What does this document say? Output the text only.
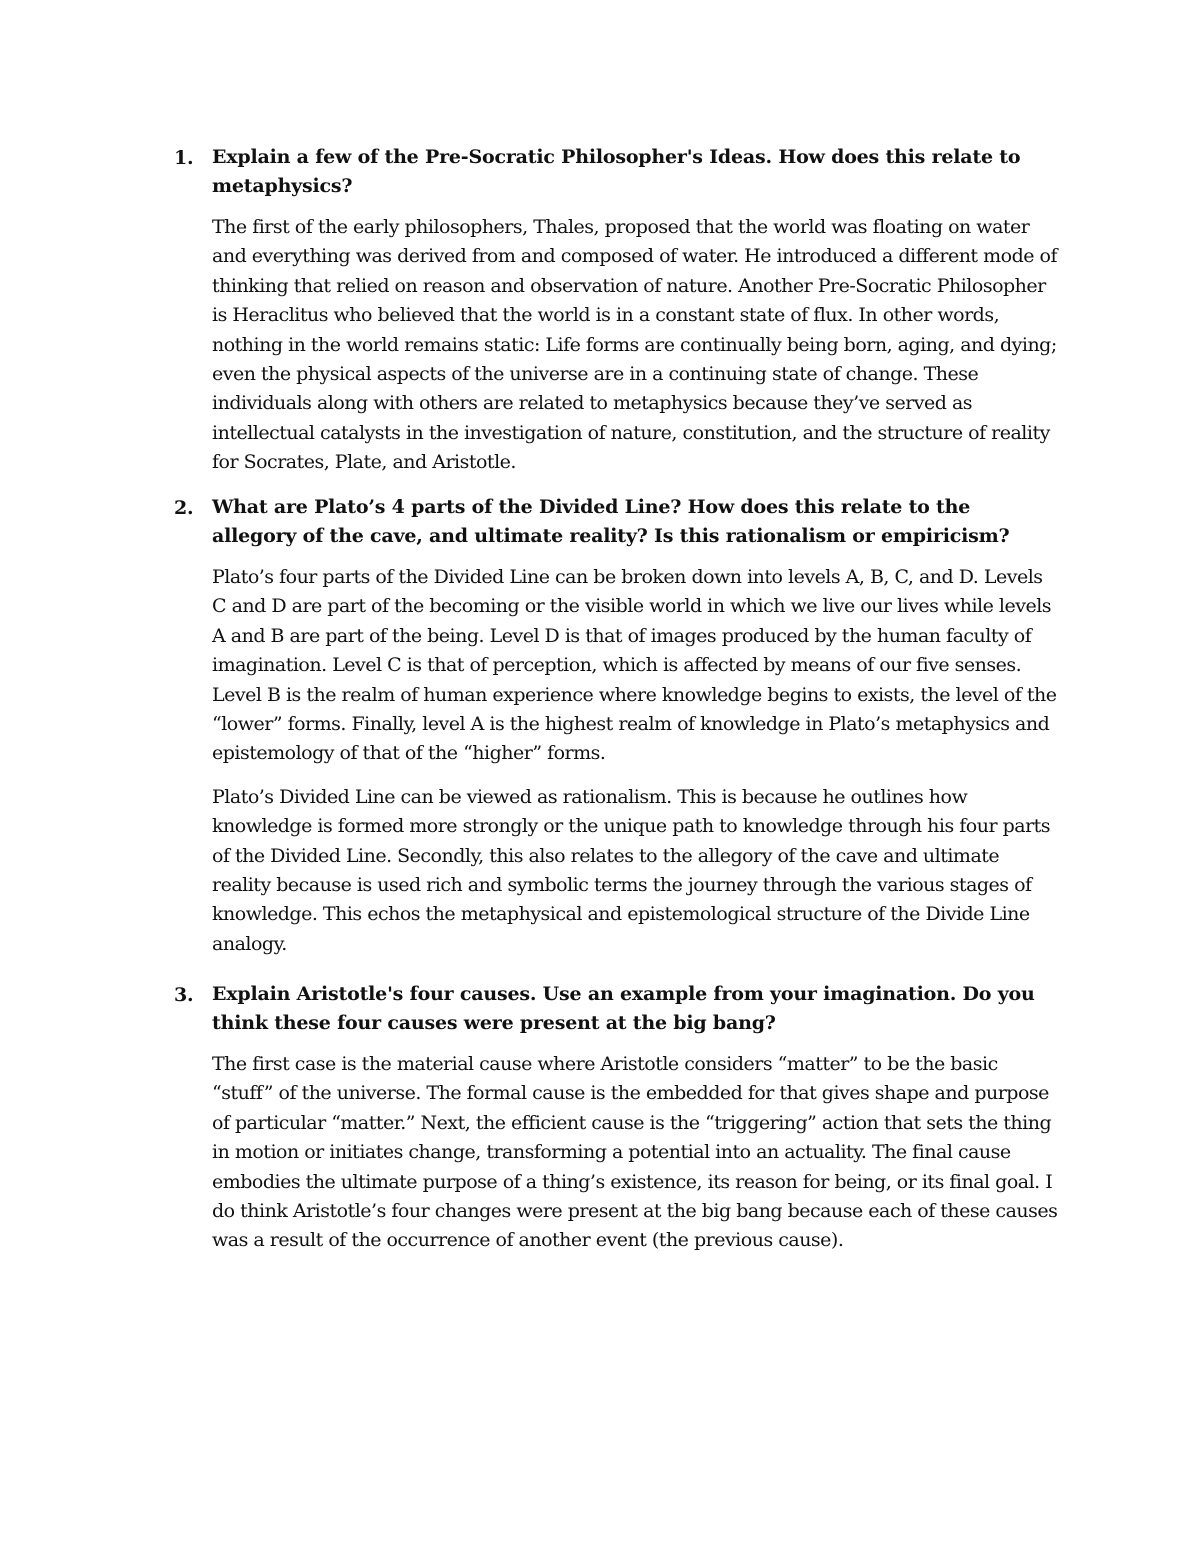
1. Explain a few of the Pre-Socratic Philosopher's Ideas. How does this relate to metaphysics?

The first of the early philosophers, Thales, proposed that the world was floating on water and everything was derived from and composed of water. He introduced a different mode of thinking that relied on reason and observation of nature. Another Pre-Socratic Philosopher is Heraclitus who believed that the world is in a constant state of flux. In other words, nothing in the world remains static: Life forms are continually being born, aging, and dying; even the physical aspects of the universe are in a continuing state of change. These individuals along with others are related to metaphysics because they’ve served as intellectual catalysts in the investigation of nature, constitution, and the structure of reality for Socrates, Plate, and Aristotle.

2. What are Plato’s 4 parts of the Divided Line? How does this relate to the allegory of the cave, and ultimate reality? Is this rationalism or empiricism?

Plato’s four parts of the Divided Line can be broken down into levels A, B, C, and D. Levels C and D are part of the becoming or the visible world in which we live our lives while levels A and B are part of the being. Level D is that of images produced by the human faculty of imagination. Level C is that of perception, which is affected by means of our five senses. Level B is the realm of human experience where knowledge begins to exists, the level of the “lower” forms. Finally, level A is the highest realm of knowledge in Plato’s metaphysics and epistemology of that of the “higher” forms.

Plato’s Divided Line can be viewed as rationalism. This is because he outlines how knowledge is formed more strongly or the unique path to knowledge through his four parts of the Divided Line. Secondly, this also relates to the allegory of the cave and ultimate reality because is used rich and symbolic terms the journey through the various stages of knowledge. This echos the metaphysical and epistemological structure of the Divide Line analogy.

3. Explain Aristotle's four causes. Use an example from your imagination. Do you think these four causes were present at the big bang?

The first case is the material cause where Aristotle considers “matter” to be the basic “stuff” of the universe. The formal cause is the embedded for that gives shape and purpose of particular “matter.” Next, the efficient cause is the “triggering” action that sets the thing in motion or initiates change, transforming a potential into an actuality. The final cause embodies the ultimate purpose of a thing’s existence, its reason for being, or its final goal. I do think Aristotle’s four changes were present at the big bang because each of these causes was a result of the occurrence of another event (the previous cause).
